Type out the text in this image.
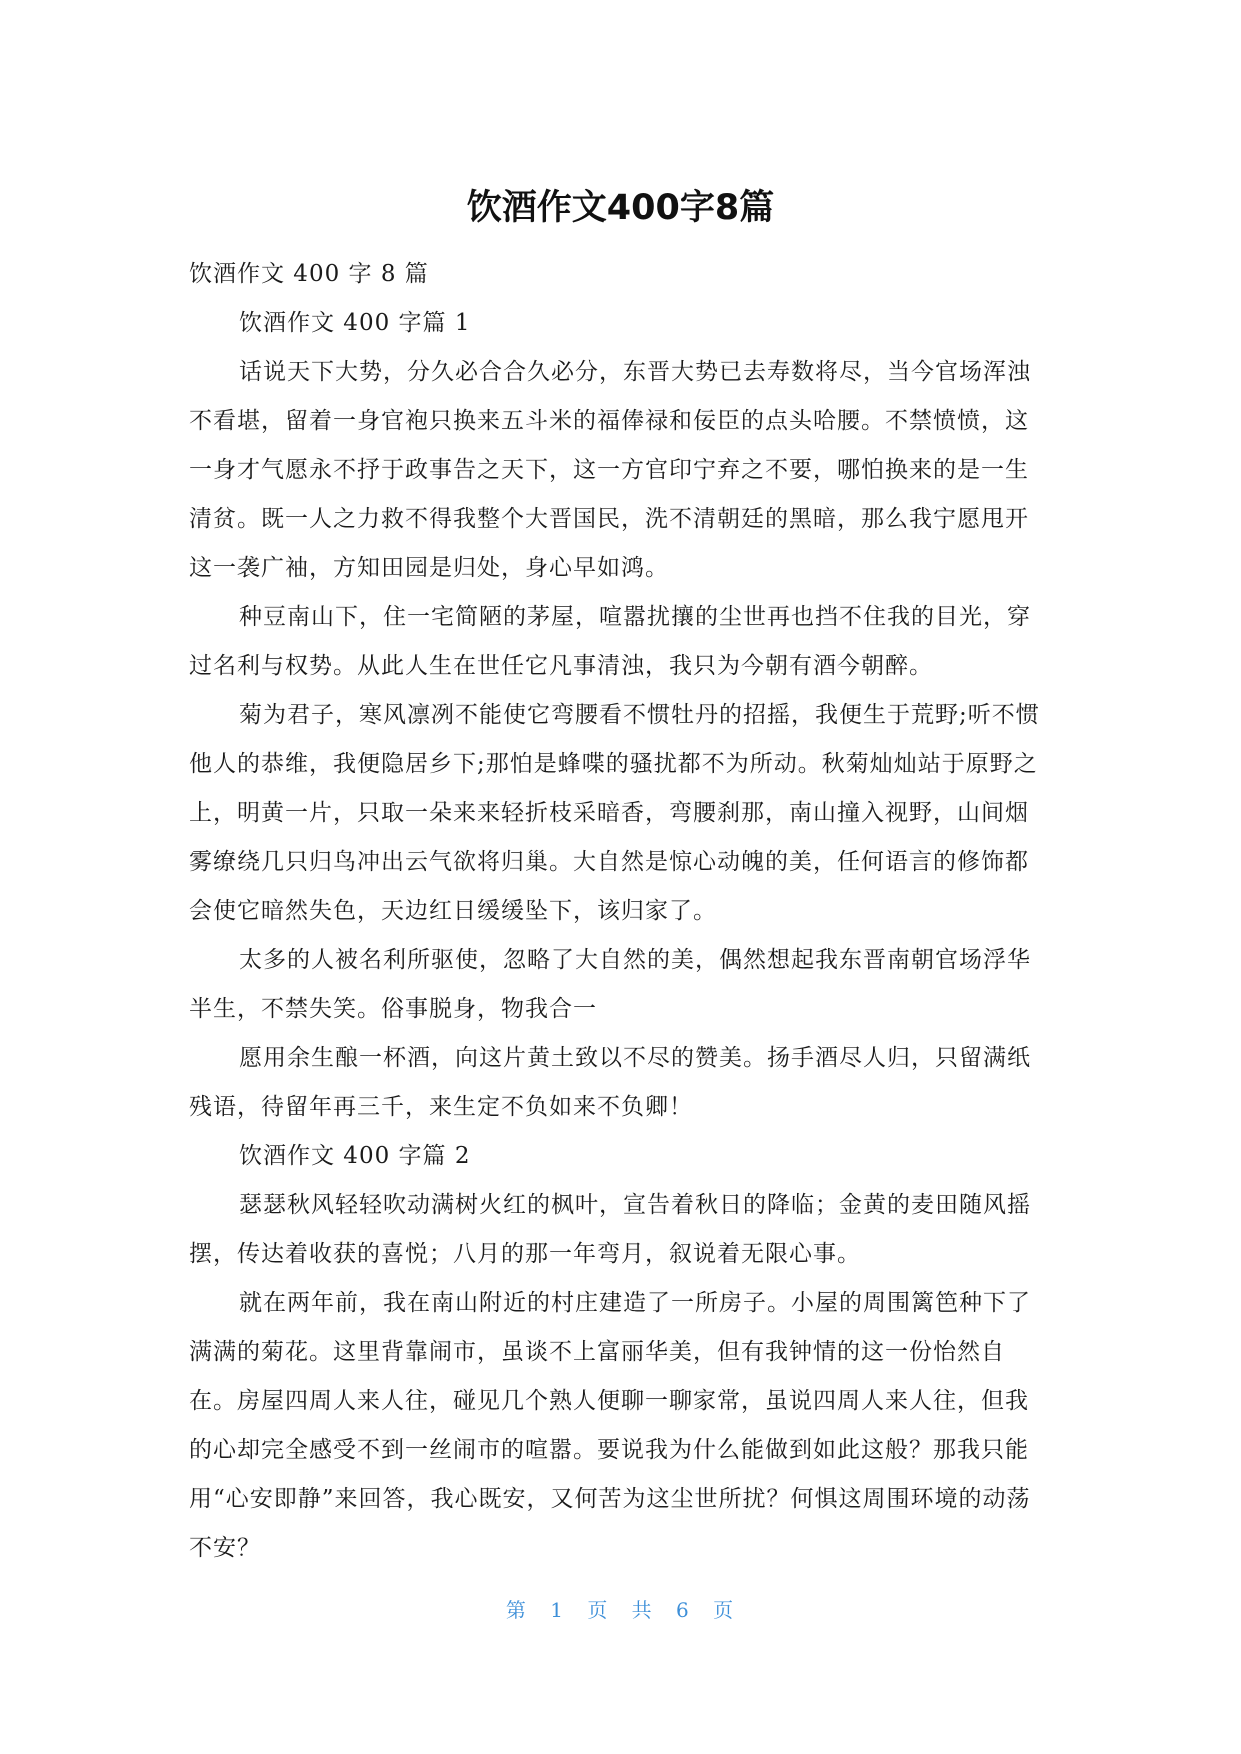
饮酒作文400字8篇

饮酒作文 400 字 8 篇

饮酒作文 400 字篇 1

话说天下大势，分久必合合久必分，东晋大势已去寿数将尽，当今官场浑浊不看堪，留着一身官袍只换来五斗米的福俸禄和佞臣的点头哈腰。不禁愤愤，这一身才气愿永不抒于政事告之天下，这一方官印宁弃之不要，哪怕换来的是一生清贫。既一人之力救不得我整个大晋国民，洗不清朝廷的黑暗，那么我宁愿甩开这一袭广袖，方知田园是归处，身心早如鸿。

种豆南山下，住一宅简陋的茅屋，喧嚣扰攘的尘世再也挡不住我的目光，穿过名利与权势。从此人生在世任它凡事清浊，我只为今朝有酒今朝醉。

菊为君子，寒风凛冽不能使它弯腰看不惯牡丹的招摇，我便生于荒野;听不惯他人的恭维，我便隐居乡下;那怕是蜂喋的骚扰都不为所动。秋菊灿灿站于原野之上，明黄一片，只取一朵来来轻折枝采暗香，弯腰刹那，南山撞入视野，山间烟雾缭绕几只归鸟冲出云气欲将归巢。大自然是惊心动魄的美，任何语言的修饰都会使它暗然失色，天边红日缓缓坠下，该归家了。

太多的人被名利所驱使，忽略了大自然的美，偶然想起我东晋南朝官场浮华半生，不禁失笑。俗事脱身，物我合一

愿用余生酿一杯酒，向这片黄土致以不尽的赞美。扬手酒尽人归，只留满纸残语，待留年再三千，来生定不负如来不负卿！

饮酒作文 400 字篇 2

瑟瑟秋风轻轻吹动满树火红的枫叶，宣告着秋日的降临；金黄的麦田随风摇摆，传达着收获的喜悦；八月的那一年弯月，叙说着无限心事。

就在两年前，我在南山附近的村庄建造了一所房子。小屋的周围篱笆种下了满满的菊花。这里背靠闹市，虽谈不上富丽华美，但有我钟情的这一份怡然自在。房屋四周人来人往，碰见几个熟人便聊一聊家常，虽说四周人来人往，但我的心却完全感受不到一丝闹市的喧嚣。要说我为什么能做到如此这般？那我只能用“心安即静”来回答，我心既安，又何苦为这尘世所扰？何惧这周围环境的动荡不安？

第 1 页 共 6 页
